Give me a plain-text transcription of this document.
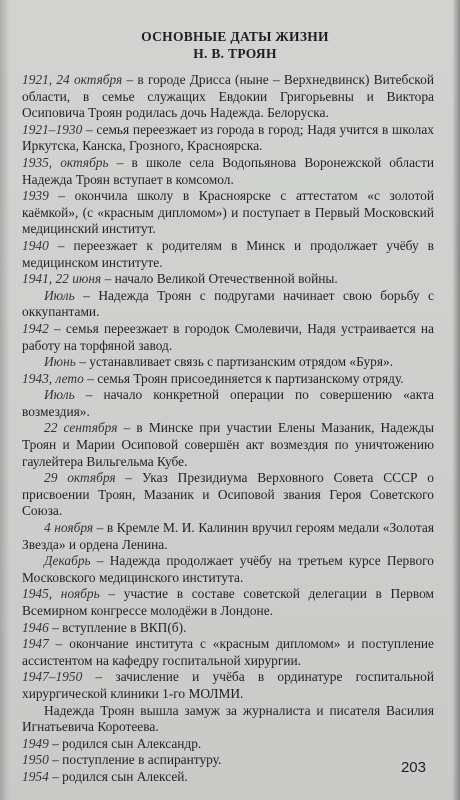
ОСНОВНЫЕ ДАТЫ ЖИЗНИ
Н. В. ТРОЯН

1921, 24 октября – в городе Дрисса (ныне – Верхнедвинск) Витебской области, в семье служащих Евдокии Григорьевны и Виктора Осиповича Троян родилась дочь Надежда. Белоруска.

1921–1930 – семья переезжает из города в город; Надя учится в школах Иркутска, Канска, Грозного, Красноярска.

1935, октябрь – в школе села Водопьянова Воронежской области Надежда Троян вступает в комсомол.

1939 – окончила школу в Красноярске с аттестатом «с золотой каёмкой», (с «красным дипломом») и поступает в Первый Московский медицинский институт.

1940 – переезжает к родителям в Минск и продолжает учёбу в медицинском институте.

1941, 22 июня – начало Великой Отечественной войны.

Июль – Надежда Троян с подругами начинает свою борьбу с оккупантами.

1942 – семья переезжает в городок Смолевичи, Надя устраивается на работу на торфяной завод.

Июнь – устанавливает связь с партизанским отрядом «Буря».

1943, лето – семья Троян присоединяется к партизанскому отряду.

Июль – начало конкретной операции по совершению «акта возмездия».

22 сентября – в Минске при участии Елены Мазаник, Надежды Троян и Марии Осиповой совершён акт возмездия по уничтожению гаулейтера Вильгельма Кубе.

29 октября – Указ Президиума Верховного Совета СССР о присвоении Троян, Мазаник и Осиповой звания Героя Советского Союза.

4 ноября – в Кремле М. И. Калинин вручил героям медали «Золотая Звезда» и ордена Ленина.

Декабрь – Надежда продолжает учёбу на третьем курсе Первого Московского медицинского института.

1945, ноябрь – участие в составе советской делегации в Первом Всемирном конгрессе молодёжи в Лондоне.

1946 – вступление в ВКП(б).

1947 – окончание института с «красным дипломом» и поступление ассистентом на кафедру госпитальной хирургии.

1947–1950 – зачисление и учёба в ординатуре госпитальной хирургической клиники 1-го МОЛМИ.

Надежда Троян вышла замуж за журналиста и писателя Василия Игнатьевича Коротеева.

1949 – родился сын Александр.

1950 – поступление в аспирантуру.

1954 – родился сын Алексей.

203
